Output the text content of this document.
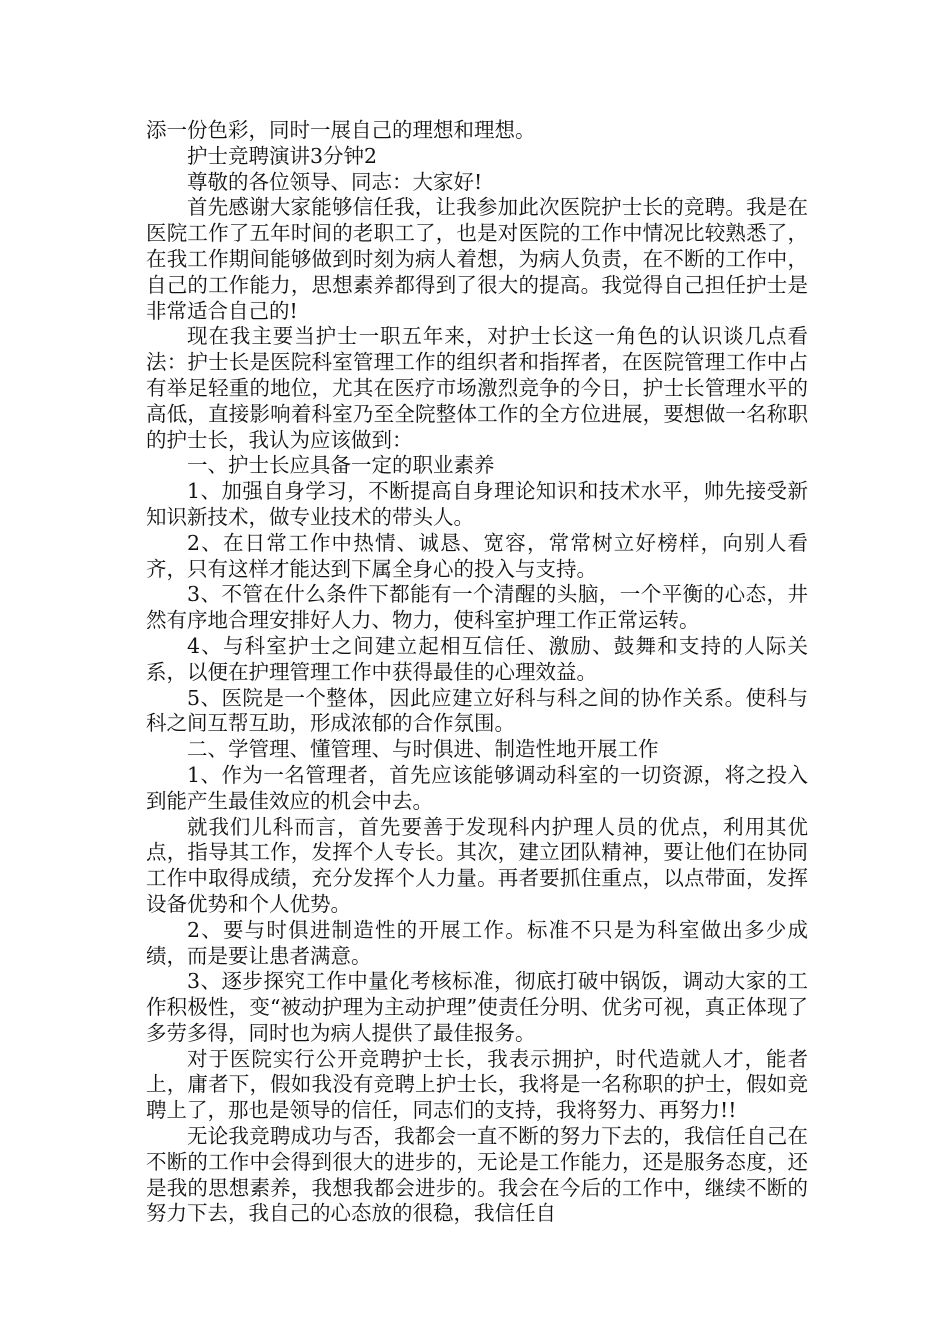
添一份色彩，同时一展自己的理想和理想。

护士竞聘演讲3分钟2

尊敬的各位领导、同志：大家好!

首先感谢大家能够信任我，让我参加此次医院护士长的竞聘。我是在医院工作了五年时间的老职工了，也是对医院的工作中情况比较熟悉了，在我工作期间能够做到时刻为病人着想，为病人负责，在不断的工作中，自己的工作能力，思想素养都得到了很大的提高。我觉得自己担任护士是非常适合自己的!

现在我主要当护士一职五年来，对护士长这一角色的认识谈几点看法：护士长是医院科室管理工作的组织者和指挥者，在医院管理工作中占有举足轻重的地位，尤其在医疗市场激烈竞争的今日，护士长管理水平的高低，直接影响着科室乃至全院整体工作的全方位进展，要想做一名称职的护士长，我认为应该做到：

一、护士长应具备一定的职业素养

1、加强自身学习，不断提高自身理论知识和技术水平，帅先接受新知识新技术，做专业技术的带头人。

2、在日常工作中热情、诚恳、宽容，常常树立好榜样，向别人看齐，只有这样才能达到下属全身心的投入与支持。

3、不管在什么条件下都能有一个清醒的头脑，一个平衡的心态，井然有序地合理安排好人力、物力，使科室护理工作正常运转。

4、与科室护士之间建立起相互信任、激励、鼓舞和支持的人际关系，以便在护理管理工作中获得最佳的心理效益。

5、医院是一个整体，因此应建立好科与科之间的协作关系。使科与科之间互帮互助，形成浓郁的合作氛围。

二、学管理、懂管理、与时俱进、制造性地开展工作

1、作为一名管理者，首先应该能够调动科室的一切资源，将之投入到能产生最佳效应的机会中去。

就我们儿科而言，首先要善于发现科内护理人员的优点，利用其优点，指导其工作，发挥个人专长。其次，建立团队精神，要让他们在协同工作中取得成绩，充分发挥个人力量。再者要抓住重点，以点带面，发挥设备优势和个人优势。

2、要与时俱进制造性的开展工作。标准不只是为科室做出多少成绩，而是要让患者满意。

3、逐步探究工作中量化考核标准，彻底打破中锅饭，调动大家的工作积极性，变“被动护理为主动护理”使责任分明、优劣可视，真正体现了多劳多得，同时也为病人提供了最佳报务。

对于医院实行公开竞聘护士长，我表示拥护，时代造就人才，能者上，庸者下，假如我没有竞聘上护士长，我将是一名称职的护士，假如竞聘上了，那也是领导的信任，同志们的支持，我将努力、再努力!!

无论我竞聘成功与否，我都会一直不断的努力下去的，我信任自己在不断的工作中会得到很大的进步的，无论是工作能力，还是服务态度，还是我的思想素养，我想我都会进步的。我会在今后的工作中，继续不断的努力下去，我自己的心态放的很稳，我信任自
